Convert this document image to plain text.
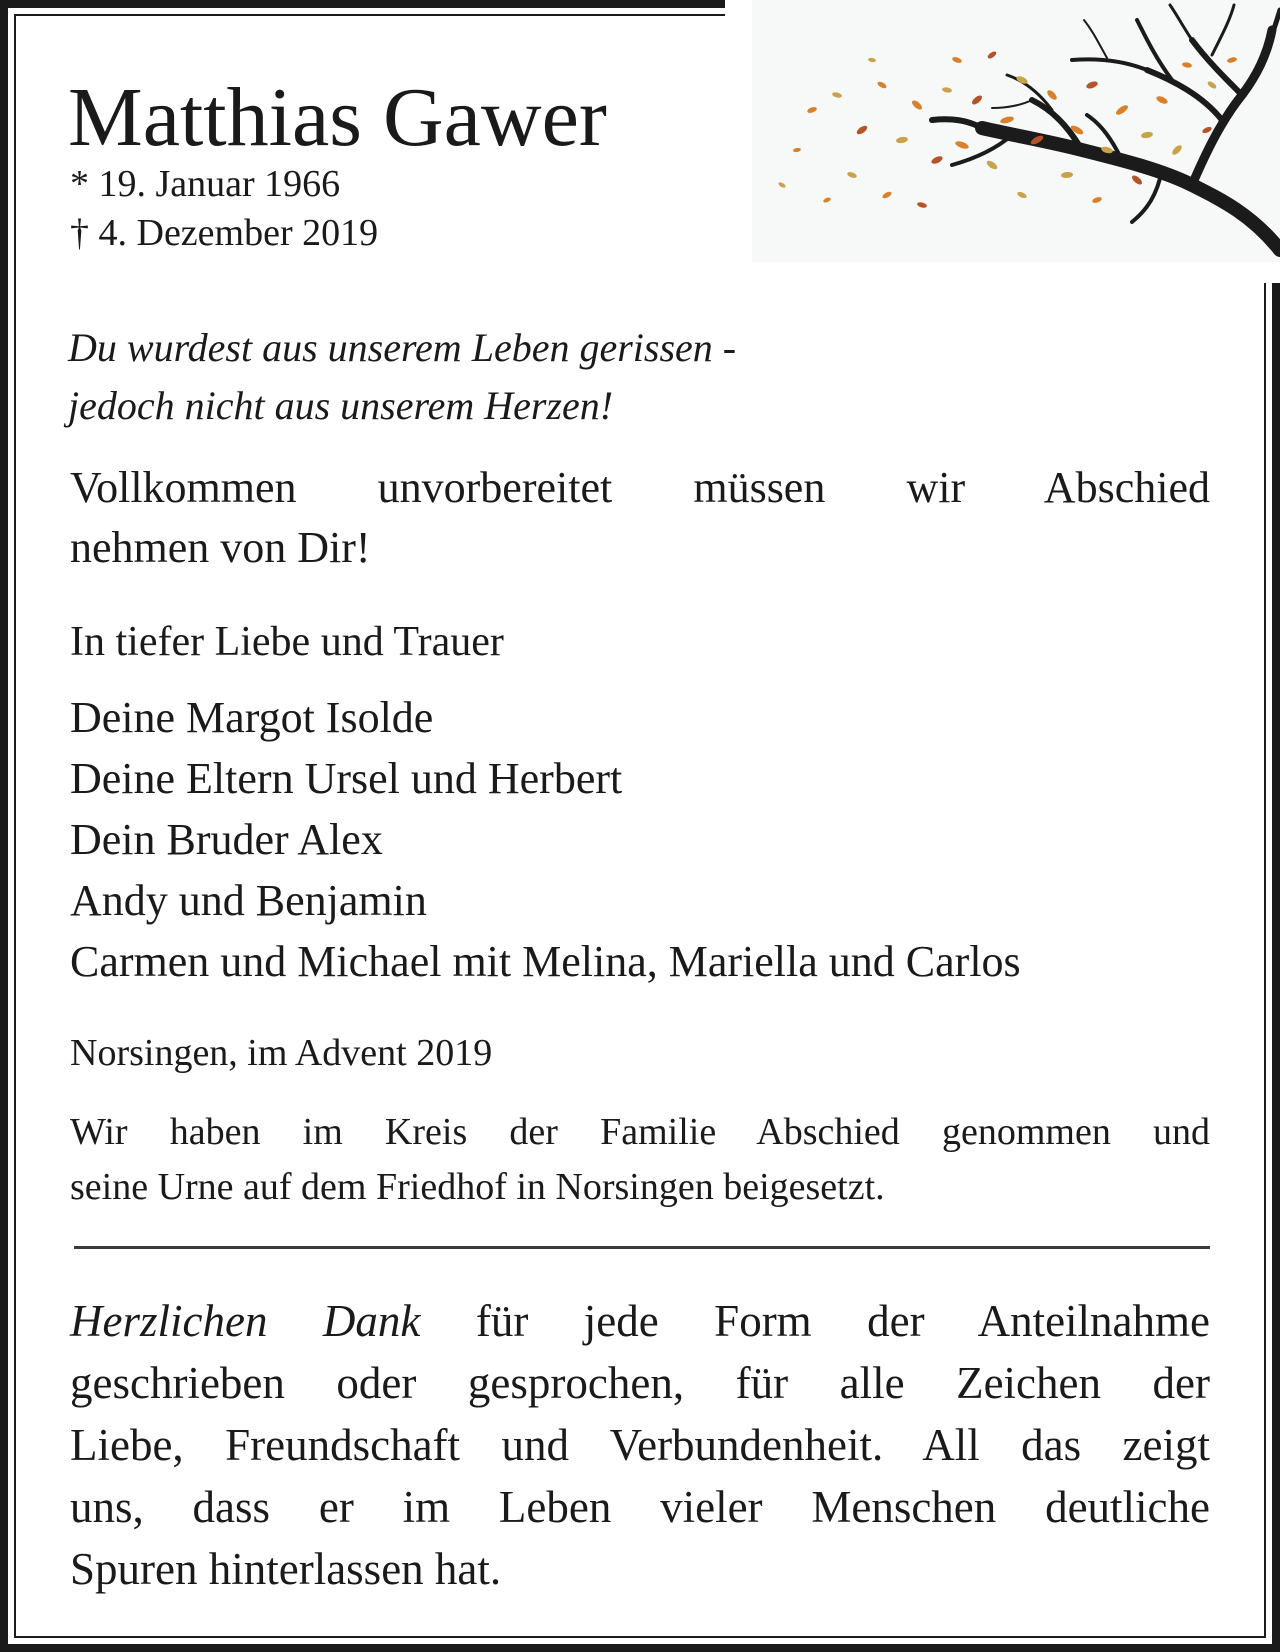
Matthias Gawer
* 19. Januar 1966
† 4. Dezember 2019
Du wurdest aus unserem Leben gerissen -
jedoch nicht aus unserem Herzen!
Vollkommen unvorbereitet müssen wir Abschied
nehmen von Dir!
In tiefer Liebe und Trauer
Deine Margot Isolde
Deine Eltern Ursel und Herbert
Dein Bruder Alex
Andy und Benjamin
Carmen und Michael mit Melina, Mariella und Carlos
Norsingen, im Advent 2019
Wir haben im Kreis der Familie Abschied genommen und
seine Urne auf dem Friedhof in Norsingen beigesetzt.
Herzlichen Dank für jede Form der Anteilnahme
geschrieben oder gesprochen, für alle Zeichen der
Liebe, Freundschaft und Verbundenheit. All das zeigt
uns, dass er im Leben vieler Menschen deutliche
Spuren hinterlassen hat.
